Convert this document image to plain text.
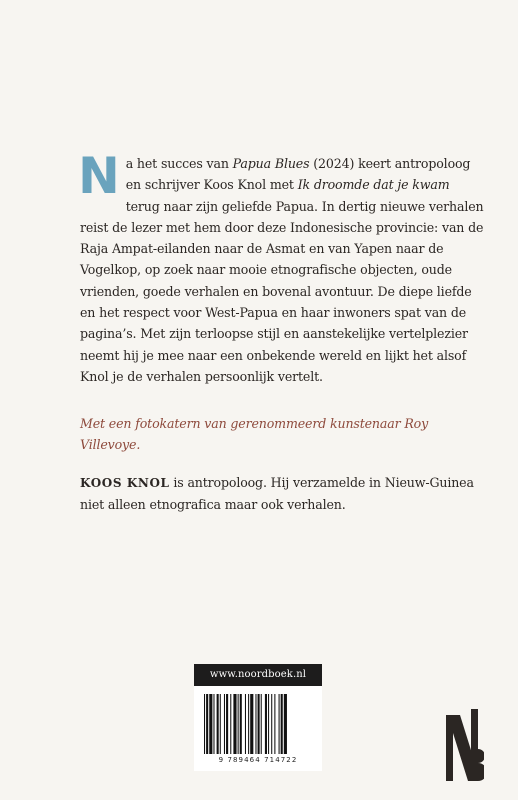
Na het succes van Papua Blues (2024) keert antropoloog en schrijver Koos Knol met Ik droomde dat je kwam terug naar zijn geliefde Papua. In dertig nieuwe verhalen reist de lezer met hem door deze Indonesische provincie: van de Raja Ampat-eilanden naar de Asmat en van Yapen naar de Vogelkop, op zoek naar mooie etnografische objecten, oude vrienden, goede verhalen en bovenal avontuur. De diepe liefde en het respect voor West-Papua en haar inwoners spat van de pagina’s. Met zijn terloopse stijl en aanstekelijke vertelplezier neemt hij je mee naar een onbekende wereld en lijkt het alsof Knol je de verhalen persoonlijk vertelt.

Met een fotokatern van gerenommeerd kunstenaar Roy Villevoye.
KOOS KNOL is antropoloog. Hij verzamelde in Nieuw-Guinea niet alleen etnografica maar ook verhalen.
www.noordboek.nl
9 789464 714722
